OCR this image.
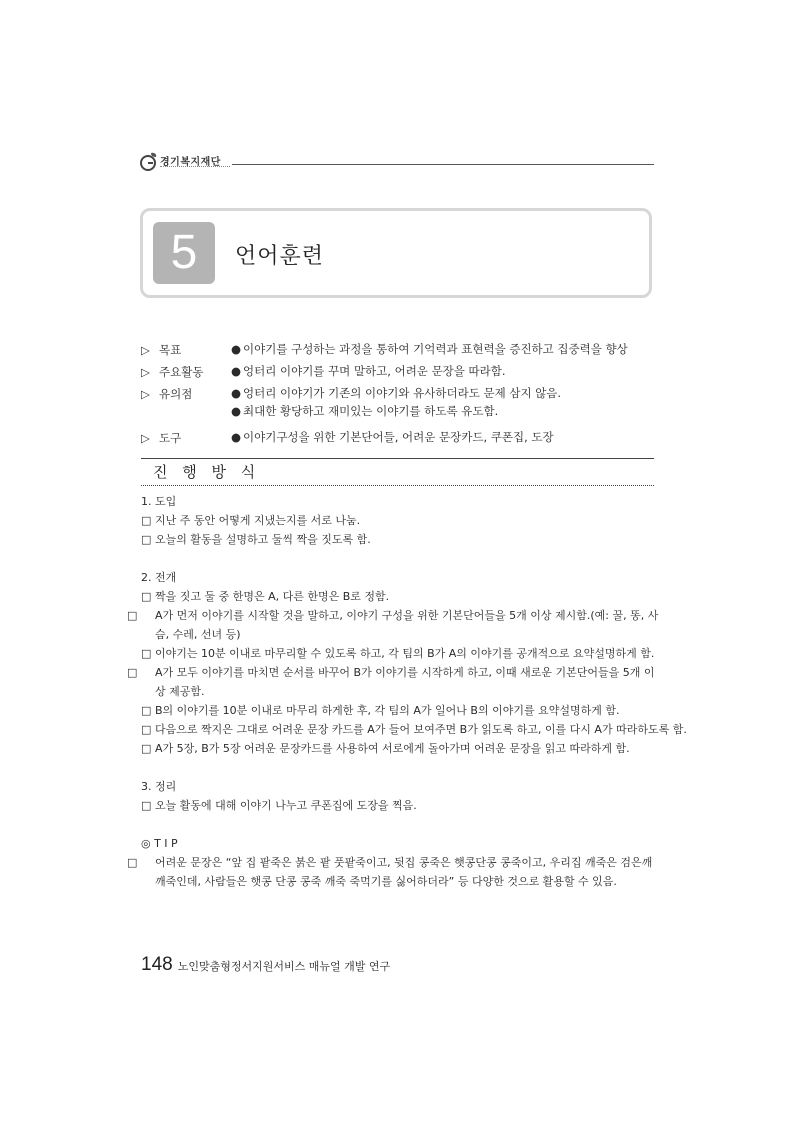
경기복지재단
5	언어훈련
▷ 목표	● 이야기를 구성하는 과정을 통하여 기억력과 표현력을 증진하고 집중력을 향상
▷ 주요활동 ● 엉터리 이야기를 꾸며 말하고, 어려운 문장을 따라함.
▷ 유의점	● 엉터리 이야기가 기존의 이야기와 유사하더라도 문제 삼지 않음.
● 최대한 황당하고 재미있는 이야기를 하도록 유도함.
▷ 도구	● 이야기구성을 위한 기본단어들, 어려운 문장카드, 쿠폰집, 도장
진 행 방 식
1. 도입
□ 지난 주 동안 어떻게 지냈는지를 서로 나눔.
□ 오늘의 활동을 설명하고 둘씩 짝을 짓도록 함.
2. 전개
□ 짝을 짓고 둘 중 한명은 A, 다른 한명은 B로 정함.
□ A가 먼저 이야기를 시작할 것을 말하고, 이야기 구성을 위한 기본단어들을 5개 이상 제시함.(예: 꿀, 똥, 사슴, 수레, 선녀 등)
□ 이야기는 10분 이내로 마무리할 수 있도록 하고, 각 팀의 B가 A의 이야기를 공개적으로 요약설명하게 함.
□ A가 모두 이야기를 마치면 순서를 바꾸어 B가 이야기를 시작하게 하고, 이때 새로운 기본단어들을 5개 이상 제공함.
□ B의 이야기를 10분 이내로 마무리 하게한 후, 각 팀의 A가 일어나 B의 이야기를 요약설명하게 함.
□ 다음으로 짝지은 그대로 어려운 문장 카드를 A가 들어 보여주면 B가 읽도록 하고, 이를 다시 A가 따라하도록 함.
□ A가 5장, B가 5장 어려운 문장카드를 사용하여 서로에게 돌아가며 어려운 문장을 읽고 따라하게 함.
3. 정리
□ 오늘 활동에 대해 이야기 나누고 쿠폰집에 도장을 찍음.
◎ T I P
□ 어려운 문장은 “앞 집 팥죽은 붉은 팥 풋팥죽이고, 뒷집 콩죽은 햇콩단콩 콩죽이고, 우리집 깨죽은 검은깨 깨죽인데, 사람들은 햇콩 단콩 콩죽 깨죽 죽먹기를 싫어하더라” 등 다양한 것으로 활용할 수 있음.
148 노인맞춤형정서지원서비스 매뉴얼 개발 연구
